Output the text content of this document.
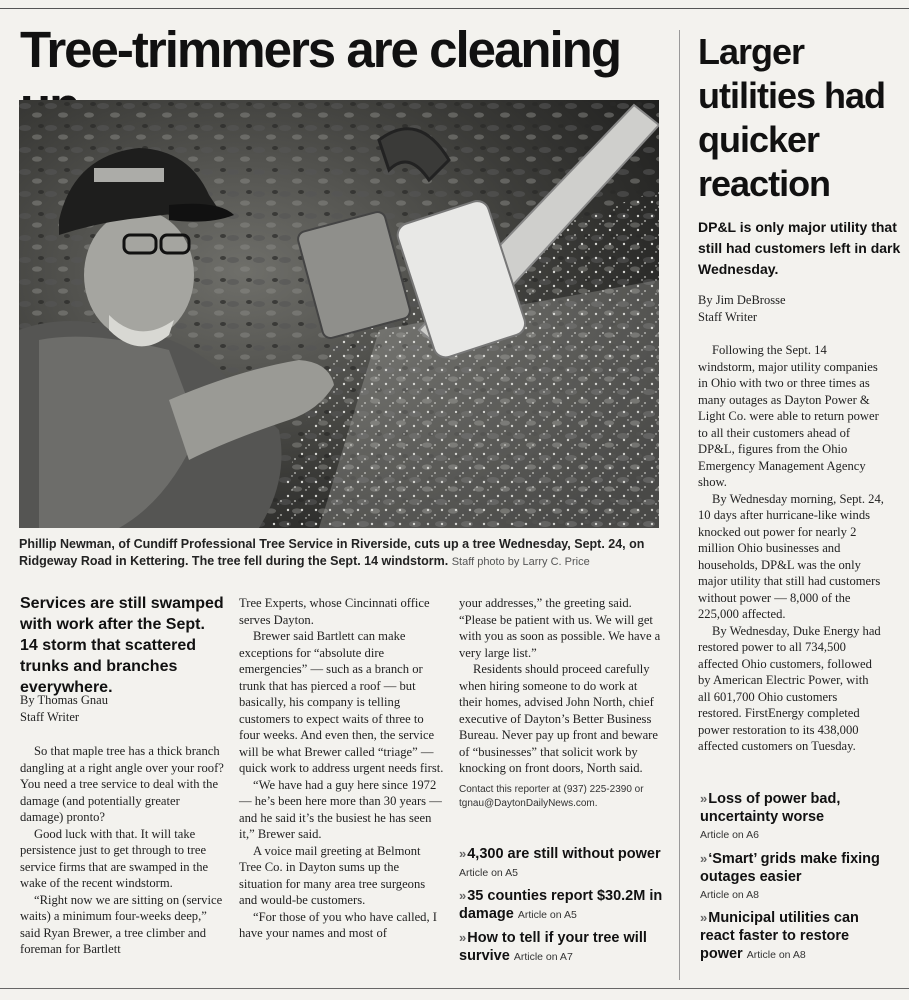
Tree-trimmers are cleaning
Phillip Newman, of Cundiff Professional Tree Service in Riverside, cuts up a tree Wednesday, Sept. 24, on Ridgeway Road in Kettering. The tree fell during the Sept. 14 windstorm. Staff photo by Larry C. Price
Services are still swamped with work after the Sept. 14 storm that scattered trunks and branches everywhere.
By Thomas Gnau
Staff Writer

So that maple tree has a thick branch dangling at a right angle over your roof? You need a tree service to deal with the damage (and potentially greater damage) pronto?

Good luck with that. It will take persistence just to get through to tree service firms that are swamped in the wake of the recent windstorm.

“Right now we are sitting on (service waits) a minimum four-weeks deep,” said Ryan Brewer, a tree climber and foreman for Bartlett

Tree Experts, whose Cincinnati office serves Dayton.

Brewer said Bartlett can make exceptions for “absolute dire emergencies” — such as a branch or trunk that has pierced a roof — but basically, his company is telling customers to expect waits of three to four weeks. And even then, the service will be what Brewer called “triage” — quick work to address urgent needs first.

“We have had a guy here since 1972 — he’s been here more than 30 years — and he said it’s the busiest he has seen it,” Brewer said.

A voice mail greeting at Belmont Tree Co. in Dayton sums up the situation for many area tree surgeons and would-be customers.

“For those of you who have called, I have your names and most of

your addresses,” the greeting said. “Please be patient with us. We will get with you as soon as possible. We have a very large list.”

Residents should proceed carefully when hiring someone to do work at their homes, advised John North, chief executive of Dayton’s Better Business Bureau. Never pay up front and beware of “businesses” that solicit work by knocking on front doors, North said.

Contact this reporter at (937) 225-2390 or tgnau@DaytonDailyNews.com.

» 4,300 are still without power Article on A5
» 35 counties report $30.2M in damage Article on A5
» How to tell if your tree will survive Article on A7
Larger utilities had quicker reaction
DP&L is only major utility that still had customers left in dark Wednesday.
By Jim DeBrosse
Staff Writer

Following the Sept. 14 windstorm, major utility companies in Ohio with two or three times as many outages as Dayton Power & Light Co. were able to return power to all their customers ahead of DP&L, figures from the Ohio Emergency Management Agency show.

By Wednesday morning, Sept. 24, 10 days after hurricane-like winds knocked out power for nearly 2 million Ohio businesses and households, DP&L was the only major utility that still had customers without power — 8,000 of the 225,000 affected.

By Wednesday, Duke Energy had restored power to all 734,500 affected Ohio customers, followed by American Electric Power, with all 601,700 Ohio customers restored. FirstEnergy completed power restoration to its 438,000 affected customers on Tuesday.

» Loss of power bad, uncertainty worse
Article on A6
» ‘Smart’ grids make fixing outages easier
Article on A8
» Municipal utilities can react faster to restore power Article on A8
